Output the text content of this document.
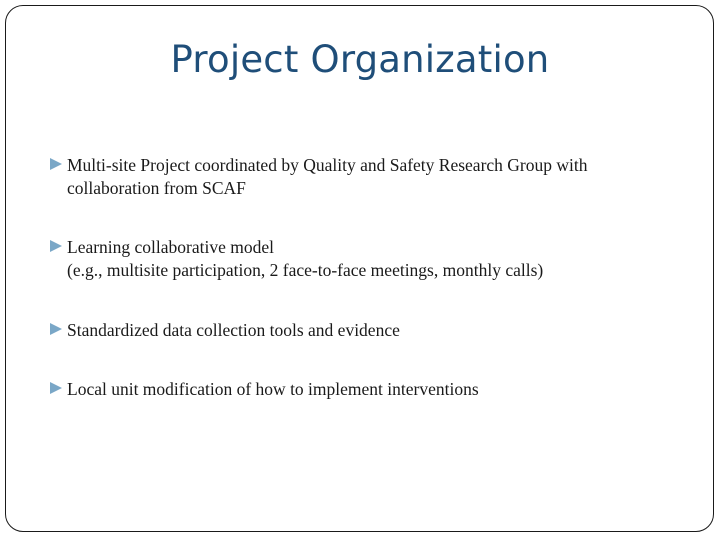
Project Organization
Multi-site Project coordinated by Quality and Safety Research Group with
collaboration from SCAF
Learning collaborative model
(e.g., multisite participation, 2 face-to-face meetings, monthly calls)
Standardized data collection tools and evidence
Local unit modification of how to implement interventions
